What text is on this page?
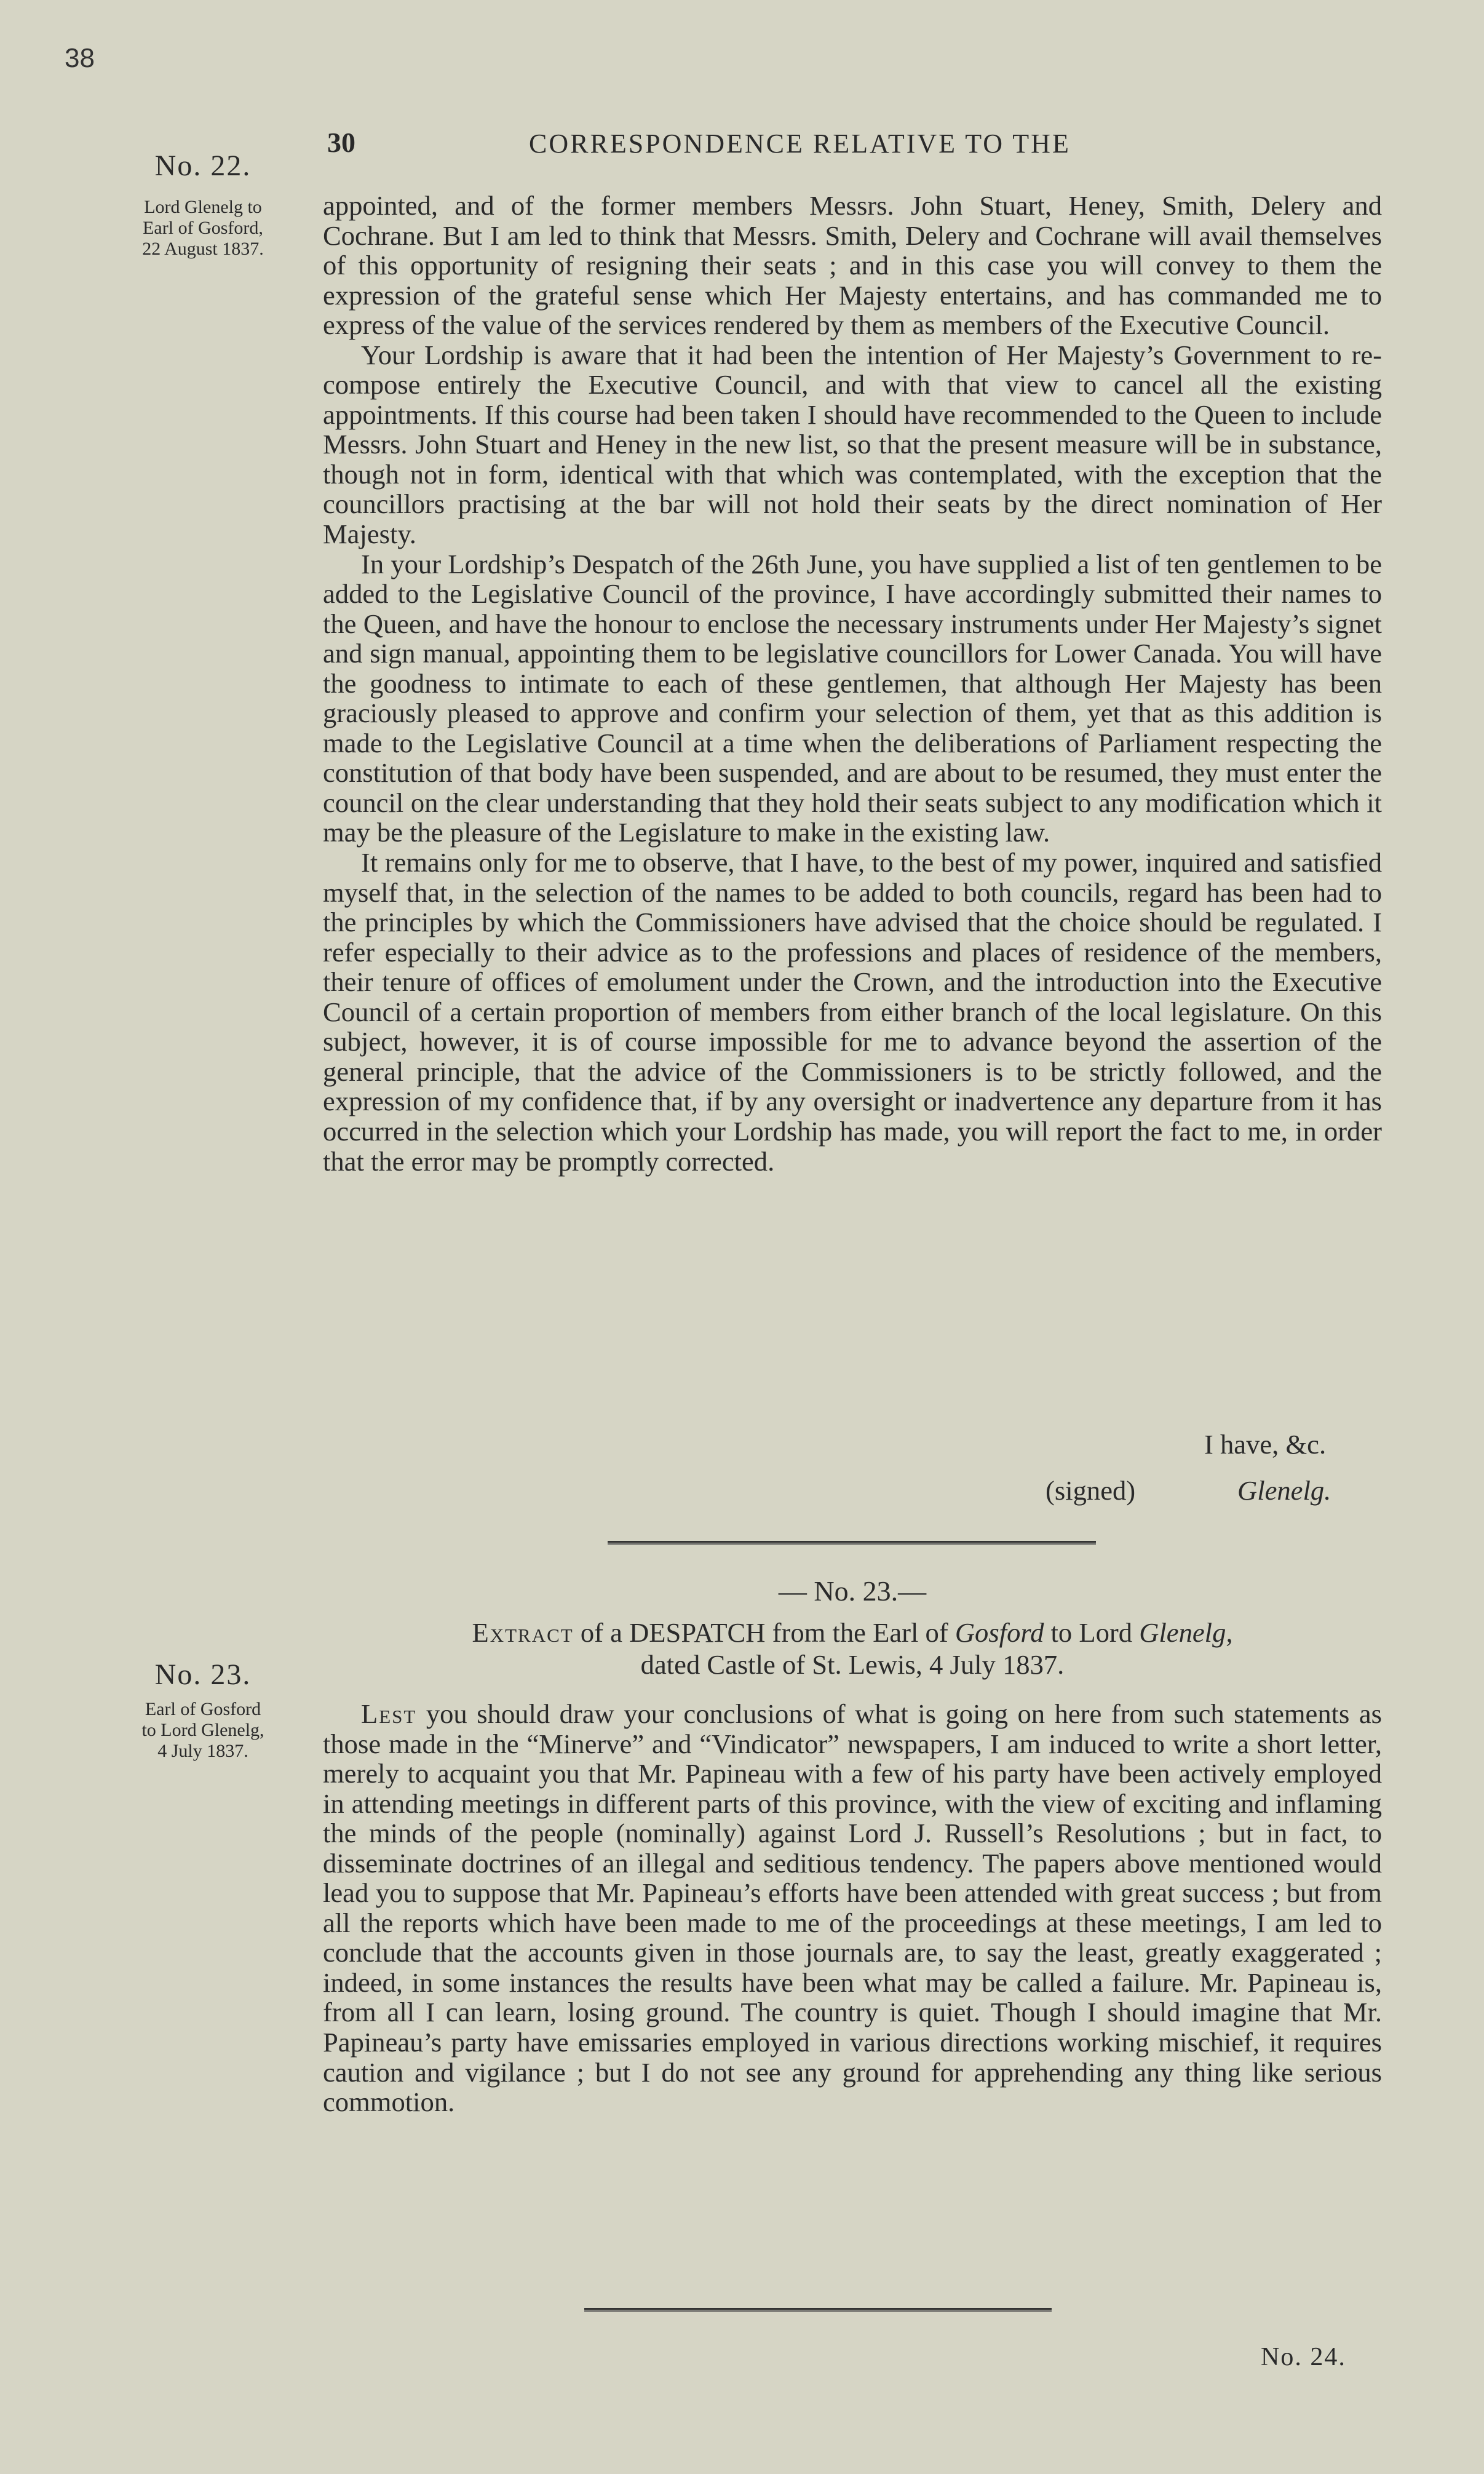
38
30	CORRESPONDENCE RELATIVE TO THE
No. 22.
Lord Glenelg to
Earl of Gosford,
22 August 1837.

appointed, and of the former members Messrs. John Stuart, Heney, Smith, Delery and Cochrane. But I am led to think that Messrs. Smith, Delery and Cochrane will avail themselves of this opportunity of resigning their seats ; and in this case you will convey to them the expression of the grateful sense which Her Majesty entertains, and has commanded me to express of the value of the services rendered by them as members of the Executive Council.

Your Lordship is aware that it had been the intention of Her Majesty’s Government to re-compose entirely the Executive Council, and with that view to cancel all the existing appointments. If this course had been taken I should have recommended to the Queen to include Messrs. John Stuart and Heney in the new list, so that the present measure will be in substance, though not in form, identical with that which was contemplated, with the exception that the councillors practising at the bar will not hold their seats by the direct nomination of Her Majesty.

In your Lordship’s Despatch of the 26th June, you have supplied a list of ten gentlemen to be added to the Legislative Council of the province, I have accordingly submitted their names to the Queen, and have the honour to enclose the necessary instruments under Her Majesty’s signet and sign manual, appointing them to be legislative councillors for Lower Canada. You will have the goodness to intimate to each of these gentlemen, that although Her Majesty has been graciously pleased to approve and confirm your selection of them, yet that as this addition is made to the Legislative Council at a time when the deliberations of Parliament respecting the constitution of that body have been suspended, and are about to be resumed, they must enter the council on the clear understanding that they hold their seats subject to any modification which it may be the pleasure of the Legislature to make in the existing law.

It remains only for me to observe, that I have, to the best of my power, inquired and satisfied myself that, in the selection of the names to be added to both councils, regard has been had to the principles by which the Commissioners have advised that the choice should be regulated. I refer especially to their advice as to the professions and places of residence of the members, their tenure of offices of emolument under the Crown, and the introduction into the Executive Council of a certain proportion of members from either branch of the local legislature. On this subject, however, it is of course impossible for me to advance beyond the assertion of the general principle, that the advice of the Commissioners is to be strictly followed, and the expression of my confidence that, if by any oversight or inadvertence any departure from it has occurred in the selection which your Lordship has made, you will report the fact to me, in order that the error may be promptly corrected.

I have, &c.
(signed)	Glenelg.
— No. 23.—
Extract of a DESPATCH from the Earl of Gosford to Lord Glenelg,
dated Castle of St. Lewis, 4 July 1837.
No. 23.
Earl of Gosford
to Lord Glenelg,
4 July 1837.

Lest you should draw your conclusions of what is going on here from such statements as those made in the “Minerve” and “Vindicator” newspapers, I am induced to write a short letter, merely to acquaint you that Mr. Papineau with a few of his party have been actively employed in attending meetings in different parts of this province, with the view of exciting and inflaming the minds of the people (nominally) against Lord J. Russell’s Resolutions ; but in fact, to disseminate doctrines of an illegal and seditious tendency. The papers above mentioned would lead you to suppose that Mr. Papineau’s efforts have been attended with great success ; but from all the reports which have been made to me of the proceedings at these meetings, I am led to conclude that the accounts given in those journals are, to say the least, greatly exaggerated ; indeed, in some instances the results have been what may be called a failure. Mr. Papineau is, from all I can learn, losing ground. The country is quiet. Though I should imagine that Mr. Papineau’s party have emissaries employed in various directions working mischief, it requires caution and vigilance ; but I do not see any ground for apprehending any thing like serious commotion.

No. 24.
